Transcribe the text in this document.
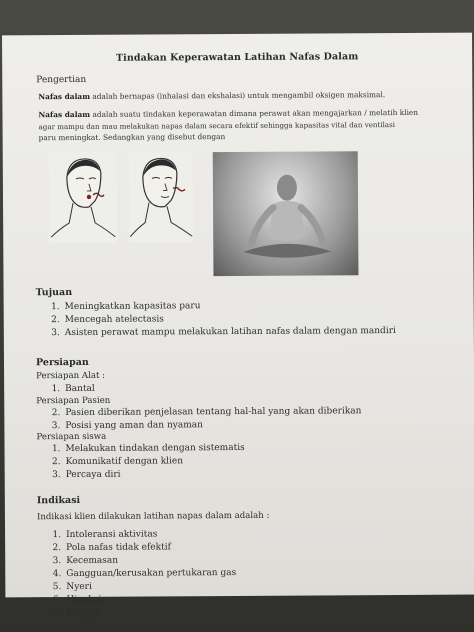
Tindakan Keperawatan Latihan Nafas Dalam
Pengertian
Nafas dalam adalah bernapas (inhalasi dan ekshalasi) untuk mengambil oksigen maksimal.
Nafas dalam adalah suatu tindakan keperawatan dimana perawat akan mengajarkan / melatih klien
agar mampu dan mau melakukan napas dalam secara efektif sehingga kapasitas vital dan ventilasi
paru meningkat. Sedangkan yang disebut dengan
Tujuan
1. Meningkatkan kapasitas paru
2. Mencegah atelectasis
3. Asisten perawat mampu melakukan latihan nafas dalam dengan mandiri
Persiapan
Persiapan Alat :
1. Bantal
Persiapan Pasien
2. Pasien diberikan penjelasan tentang hal-hal yang akan diberikan
3. Posisi yang aman dan nyaman
Persiapan siswa
1. Melakukan tindakan dengan sistematis
2. Komunikatif dengan klien
3. Percaya diri
Indikasi
Indikasi klien dilakukan latihan napas dalam adalah :
1. Intoleransi aktivitas
2. Pola nafas tidak efektif
3. Kecemasan
4. Gangguan/kerusakan pertukaran gas
5. Nyeri
6. Hipoksia
7. Fatique
